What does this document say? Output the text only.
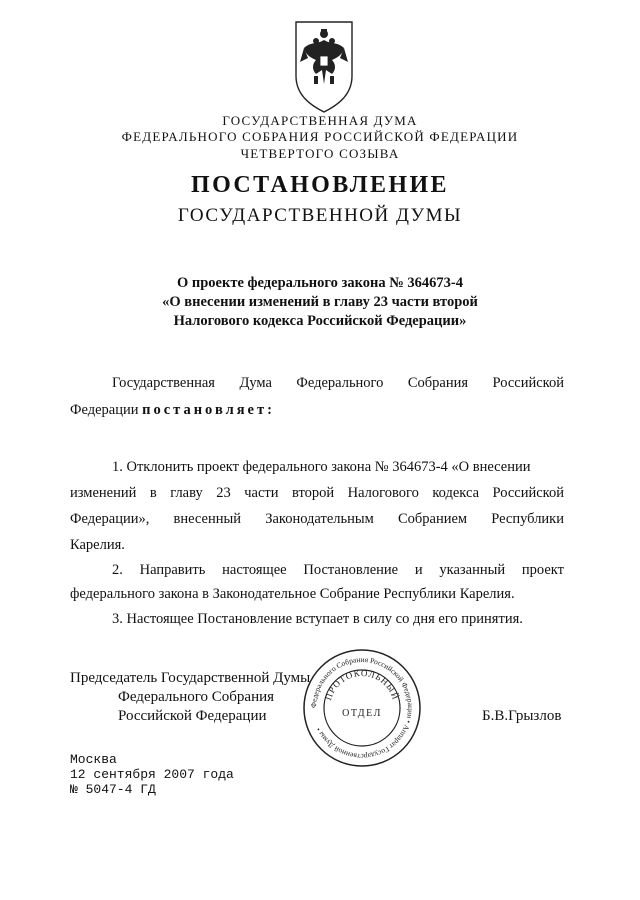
ГОСУДАРСТВЕННАЯ ДУМА
ФЕДЕРАЛЬНОГО СОБРАНИЯ РОССИЙСКОЙ ФЕДЕРАЦИИ
ЧЕТВЕРТОГО СОЗЫВА
ПОСТАНОВЛЕНИЕ
ГОСУДАРСТВЕННОЙ ДУМЫ
О проекте федерального закона № 364673-4
«О внесении изменений в главу 23 части второй
Налогового кодекса Российской Федерации»
Государственная Дума Федерального Собрания Российской
Федерации постановляет:
1. Отклонить проект федерального закона № 364673-4 «О внесении
изменений в главу 23 части второй Налогового кодекса Российской
Федерации», внесенный Законодательным Собранием Республики
Карелия.
2. Направить настоящее Постановление и указанный проект
федерального закона в Законодательное Собрание Республики Карелия.
3. Настоящее Постановление вступает в силу со дня его принятия.
Председатель Государственной Думы
Федерального Собрания
Российской Федерации	Б.В.Грызлов
Федерального Собрания Российской Федерации • Аппарат Государственной Думы •
ПРОТОКОЛЬНЫЙ
ОТДЕЛ
Москва
12 сентября 2007 года
№ 5047-4 ГД
